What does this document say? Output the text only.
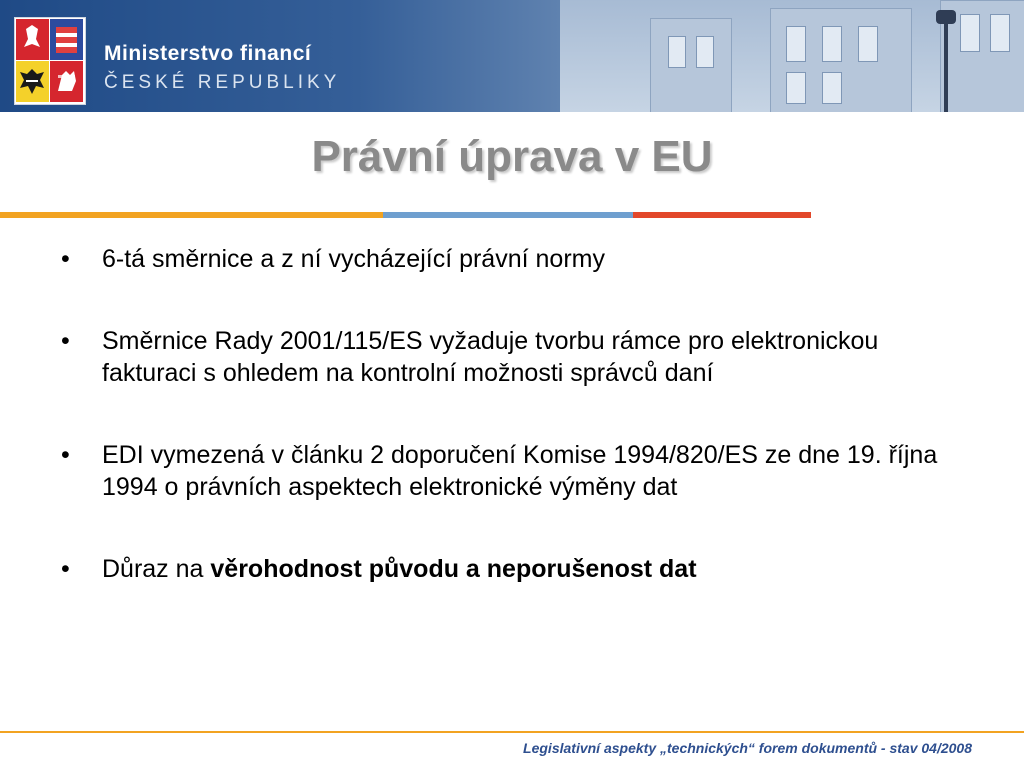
Ministerstvo financí
ČESKÉ REPUBLIKY
Právní úprava v EU
• 6-tá směrnice a z ní vycházející právní normy
• Směrnice Rady 2001/115/ES vyžaduje tvorbu rámce pro elektronickou fakturaci s ohledem na kontrolní možnosti správců daní
• EDI vymezená v článku 2 doporučení Komise 1994/820/ES ze dne 19. října 1994 o právních aspektech elektronické výměny dat
• Důraz na věrohodnost původu a neporušenost dat
Legislativní aspekty „technických“ forem dokumentů - stav 04/2008
